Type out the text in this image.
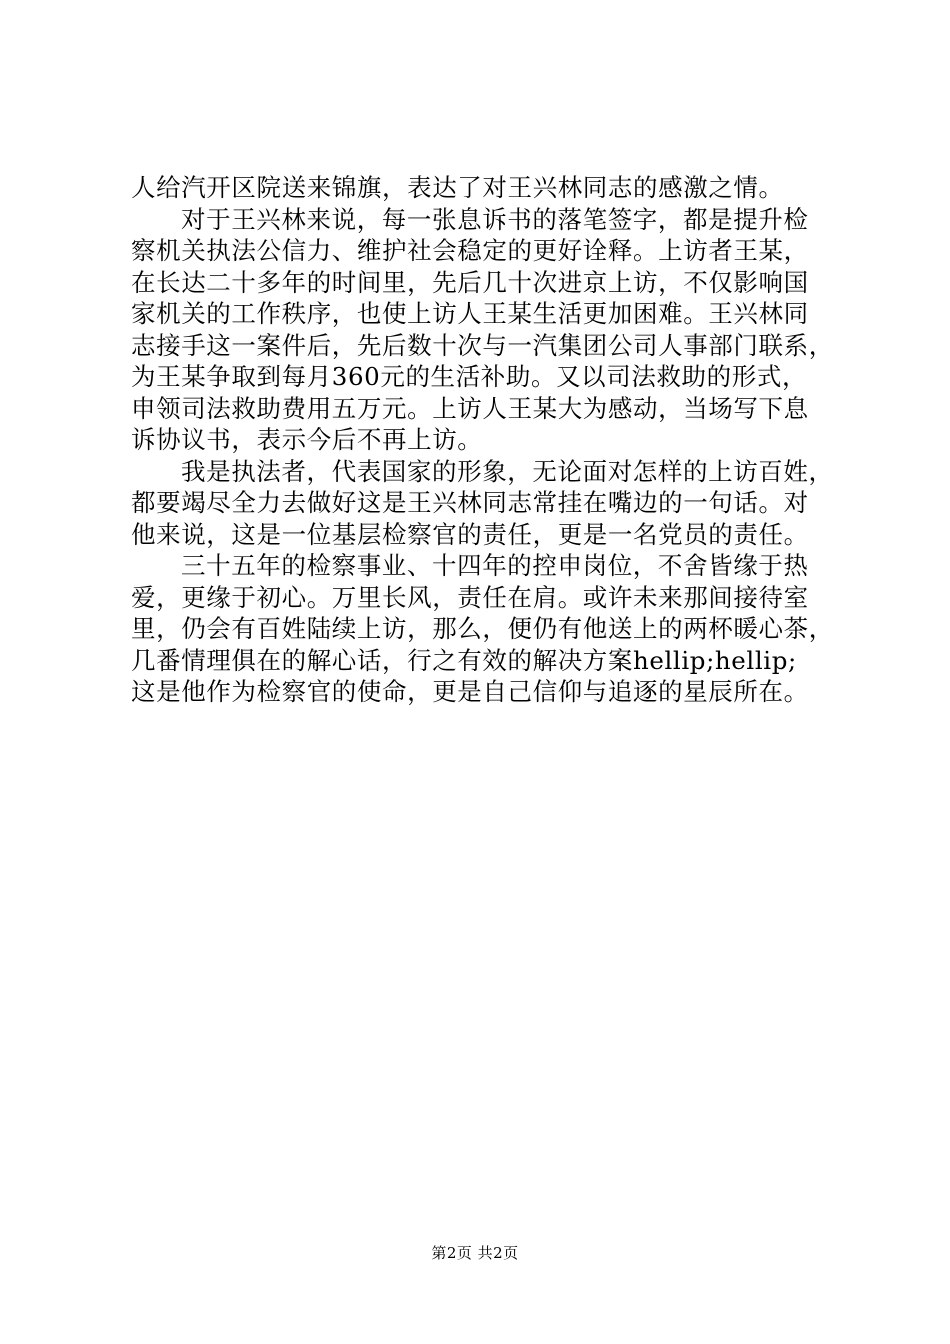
人给汽开区院送来锦旗，表达了对王兴林同志的感激之情。
对于王兴林来说，每一张息诉书的落笔签字，都是提升检
察机关执法公信力、维护社会稳定的更好诠释。上访者王某，
在长达二十多年的时间里，先后几十次进京上访，不仅影响国
家机关的工作秩序，也使上访人王某生活更加困难。王兴林同
志接手这一案件后，先后数十次与一汽集团公司人事部门联系，
为王某争取到每月360元的生活补助。又以司法救助的形式，
申领司法救助费用五万元。上访人王某大为感动，当场写下息
诉协议书，表示今后不再上访。
我是执法者，代表国家的形象，无论面对怎样的上访百姓，
都要竭尽全力去做好这是王兴林同志常挂在嘴边的一句话。对
他来说，这是一位基层检察官的责任，更是一名党员的责任。
三十五年的检察事业、十四年的控申岗位，不舍皆缘于热
爱，更缘于初心。万里长风，责任在肩。或许未来那间接待室
里，仍会有百姓陆续上访，那么，便仍有他送上的两杯暖心茶，
几番情理俱在的解心话，行之有效的解决方案hellip;hellip;
这是他作为检察官的使命，更是自己信仰与追逐的星辰所在。
第2页 共2页
